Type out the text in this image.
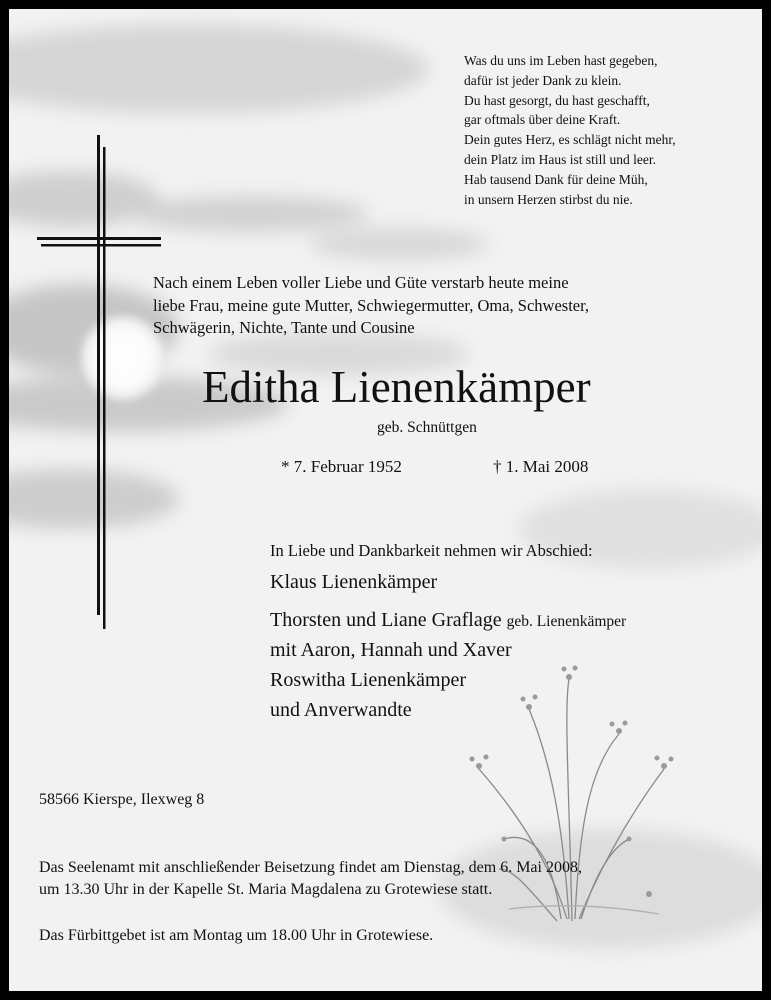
Was du uns im Leben hast gegeben,
dafür ist jeder Dank zu klein.
Du hast gesorgt, du hast geschafft,
gar oftmals über deine Kraft.
Dein gutes Herz, es schlägt nicht mehr,
dein Platz im Haus ist still und leer.
Hab tausend Dank für deine Müh,
in unsern Herzen stirbst du nie.
Nach einem Leben voller Liebe und Güte verstarb heute meine
liebe Frau, meine gute Mutter, Schwiegermutter, Oma, Schwester,
Schwägerin, Nichte, Tante und Cousine
Editha Lienenkämper
geb. Schnüttgen
* 7. Februar 1952	† 1. Mai 2008
In Liebe und Dankbarkeit nehmen wir Abschied:
Klaus Lienenkämper
Thorsten und Liane Graflage geb. Lienenkämper
mit Aaron, Hannah und Xaver
Roswitha Lienenkämper
und Anverwandte
58566 Kierspe, Ilexweg 8
Das Seelenamt mit anschließender Beisetzung findet am Dienstag, dem 6. Mai 2008,
um 13.30 Uhr in der Kapelle St. Maria Magdalena zu Grotewiese statt.
Das Fürbittgebet ist am Montag um 18.00 Uhr in Grotewiese.
